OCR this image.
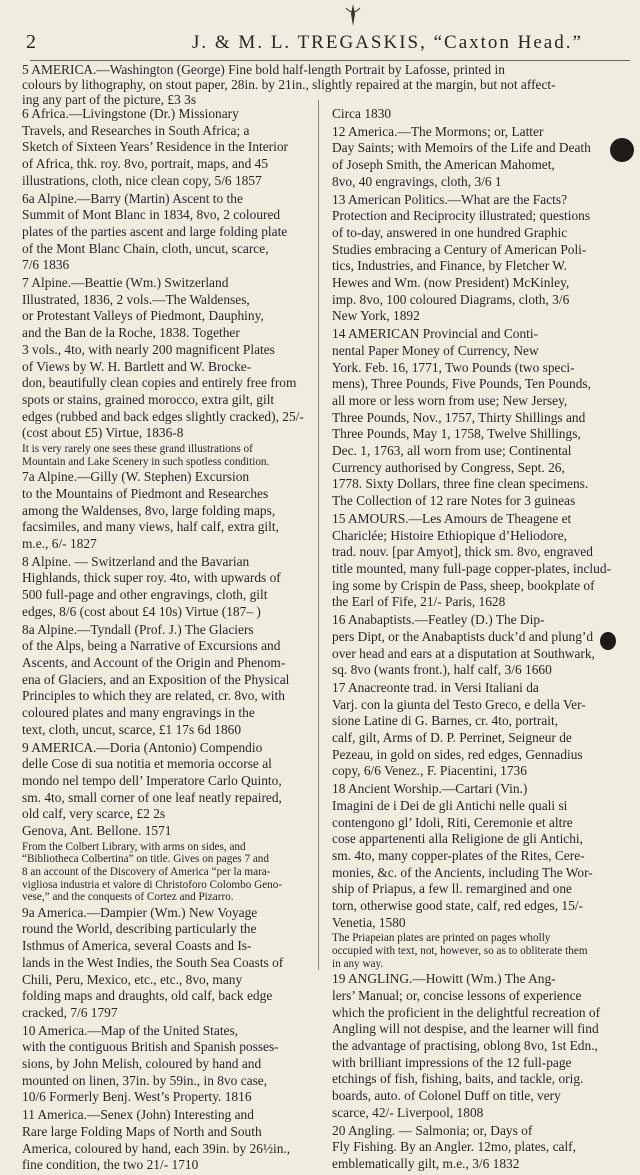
2	J. & M. L. TREGASKIS, “Caxton Head.”
5 AMERICA.—Washington (George) Fine bold half-length Portrait by Lafosse, printed in
colours by lithography, on stout paper, 28in. by 21in., slightly repaired at the margin, but not affect-
ing any part of the picture, £3 3s
6 Africa.—Livingstone (Dr.) Missionary
Travels, and Researches in South Africa; a
Sketch of Sixteen Years’ Residence in the Interior
of Africa, thk. roy. 8vo, portrait, maps, and 45
illustrations, cloth, nice clean copy, 5/6 1857
6a Alpine.—Barry (Martin) Ascent to the
Summit of Mont Blanc in 1834, 8vo, 2 coloured
plates of the parties ascent and large folding plate
of the Mont Blanc Chain, cloth, uncut, scarce,
7/6 1836
7 Alpine.—Beattie (Wm.) Switzerland
Illustrated, 1836, 2 vols.—The Waldenses,
or Protestant Valleys of Piedmont, Dauphiny,
and the Ban de la Roche, 1838. Together
3 vols., 4to, with nearly 200 magnificent Plates
of Views by W. H. Bartlett and W. Brocke-
don, beautifully clean copies and entirely free from
spots or stains, grained morocco, extra gilt, gilt
edges (rubbed and back edges slightly cracked), 25/-
(cost about £5) Virtue, 1836-8
It is very rarely one sees these grand illustrations of
Mountain and Lake Scenery in such spotless condition.
7a Alpine.—Gilly (W. Stephen) Excursion
to the Mountains of Piedmont and Researches
among the Waldenses, 8vo, large folding maps,
facsimiles, and many views, half calf, extra gilt,
m.e., 6/- 1827
8 Alpine. — Switzerland and the Bavarian
Highlands, thick super roy. 4to, with upwards of
500 full-page and other engravings, cloth, gilt
edges, 8/6 (cost about £4 10s) Virtue (187– )
8a Alpine.—Tyndall (Prof. J.) The Glaciers
of the Alps, being a Narrative of Excursions and
Ascents, and Account of the Origin and Phenom-
ena of Glaciers, and an Exposition of the Physical
Principles to which they are related, cr. 8vo, with
coloured plates and many engravings in the
text, cloth, uncut, scarce, £1 17s 6d 1860
9 AMERICA.—Doria (Antonio) Compendio
delle Cose di sua notitia et memoria occorse al
mondo nel tempo dell’ Imperatore Carlo Quinto,
sm. 4to, small corner of one leaf neatly repaired,
old calf, very scarce, £2 2s
Genova, Ant. Bellone. 1571
From the Colbert Library, with arms on sides, and
“Bibliotheca Colbertina” on title. Gives on pages 7 and
8 an account of the Discovery of America “per la mara-
vigliosa industria et valore di Christoforo Colombo Geno-
vese,” and the conquests of Cortez and Pizarro.
9a America.—Dampier (Wm.) New Voyage
round the World, describing particularly the
Isthmus of America, several Coasts and Is-
lands in the West Indies, the South Sea Coasts of
Chili, Peru, Mexico, etc., etc., 8vo, many
folding maps and draughts, old calf, back edge
cracked, 7/6 1797
10 America.—Map of the United States,
with the contiguous British and Spanish posses-
sions, by John Melish, coloured by hand and
mounted on linen, 37in. by 59in., in 8vo case,
10/6 Formerly Benj. West’s Property. 1816
11 America.—Senex (John) Interesting and
Rare large Folding Maps of North and South
America, coloured by hand, each 39in. by 26½in.,
fine condition, the two 21/- 1710
Circa 1830
12 America.—The Mormons; or, Latter
Day Saints; with Memoirs of the Life and Death
of Joseph Smith, the American Mahomet,
8vo, 40 engravings, cloth, 3/6 1
13 American Politics.—What are the Facts?
Protection and Reciprocity illustrated; questions
of to-day, answered in one hundred Graphic
Studies embracing a Century of American Poli-
tics, Industries, and Finance, by Fletcher W.
Hewes and Wm. (now President) McKinley,
imp. 8vo, 100 coloured Diagrams, cloth, 3/6
New York, 1892
14 AMERICAN Provincial and Conti-
nental Paper Money of Currency, New
York. Feb. 16, 1771, Two Pounds (two speci-
mens), Three Pounds, Five Pounds, Ten Pounds,
all more or less worn from use; New Jersey,
Three Pounds, Nov., 1757, Thirty Shillings and
Three Pounds, May 1, 1758, Twelve Shillings,
Dec. 1, 1763, all worn from use; Continental
Currency authorised by Congress, Sept. 26,
1778. Sixty Dollars, three fine clean specimens.
The Collection of 12 rare Notes for 3 guineas
15 AMOURS.—Les Amours de Theagene et
Chariclée; Histoire Ethiopique d’Heliodore,
trad. nouv. [par Amyot], thick sm. 8vo, engraved
title mounted, many full-page copper-plates, includ-
ing some by Crispin de Pass, sheep, bookplate of
the Earl of Fife, 21/- Paris, 1628
16 Anabaptists.—Featley (D.) The Dip-
pers Dipt, or the Anabaptists duck’d and plung’d
over head and ears at a disputation at Southwark,
sq. 8vo (wants front.), half calf, 3/6 1660
17 Anacreonte trad. in Versi Italiani da
Varj. con la giunta del Testo Greco, e della Ver-
sione Latine di G. Barnes, cr. 4to, portrait,
calf, gilt, Arms of D. P. Perrinet, Seigneur de
Pezeau, in gold on sides, red edges, Gennadius
copy, 6/6 Venez., F. Piacentini, 1736
18 Ancient Worship.—Cartari (Vin.)
Imagini de i Dei de gli Antichi nelle quali si
contengono gl’ Idoli, Riti, Ceremonie et altre
cose appartenenti alla Religione de gli Antichi,
sm. 4to, many copper-plates of the Rites, Cere-
monies, &c. of the Ancients, including The Wor-
ship of Priapus, a few ll. remargined and one
torn, otherwise good state, calf, red edges, 15/-
Venetia, 1580
The Priapeian plates are printed on pages wholly
occupied with text, not, however, so as to obliterate them
in any way.
19 ANGLING.—Howitt (Wm.) The Ang-
lers’ Manual; or, concise lessons of experience
which the proficient in the delightful recreation of
Angling will not despise, and the learner will find
the advantage of practising, oblong 8vo, 1st Edn.,
with brilliant impressions of the 12 full-page
etchings of fish, fishing, baits, and tackle, orig.
boards, auto. of Colonel Duff on title, very
scarce, 42/- Liverpool, 1808
20 Angling. — Salmonia; or, Days of
Fly Fishing. By an Angler. 12mo, plates, calf,
emblematically gilt, m.e., 3/6 1832
